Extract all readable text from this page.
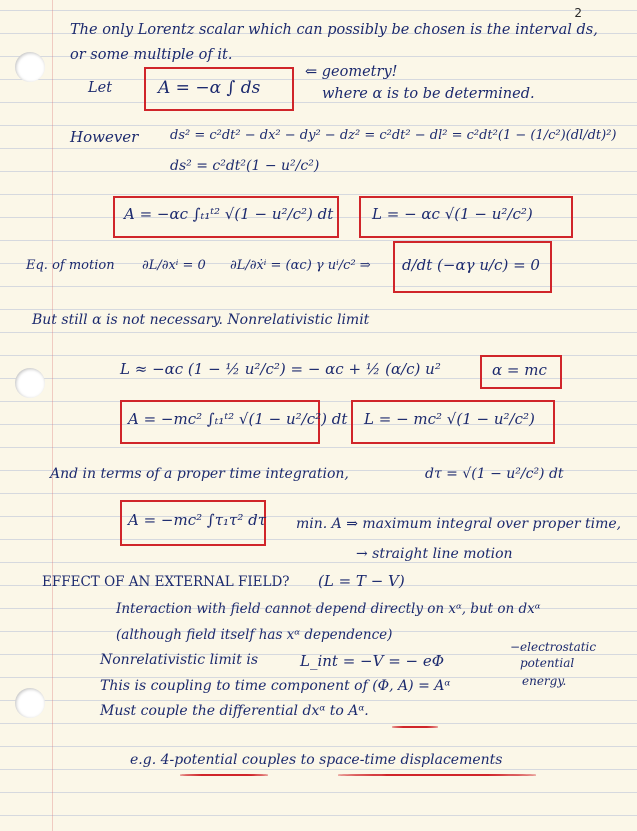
2
The only Lorentz scalar which can possibly be chosen is the interval ds,
or some multiple of it.
Let	A = −α ∫ ds
⇐ geometry!
where α is to be determined.
However ds² = c²dt² − dx² − dy² − dz² = c²dt² − dl² = c²dt²(1 − (1/c²)(dl/dt)²)
ds² = c²dt²(1 − u²/c²)
A = −αc ∫ₜ₁ᵗ² √(1 − u²/c²) dt	L = − αc √(1 − u²/c²)
Eq. of motion ∂L/∂xⁱ = 0 ∂L/∂ẋⁱ = (αc) γ uⁱ/c² ⇒ d/dt (−αγ u/c) = 0
But still α is not necessary. Nonrelativistic limit
L ≈ −αc (1 − ½ u²/c²) = − αc + ½ (α/c) u²	α = mc
A = −mc² ∫ₜ₁ᵗ² √(1 − u²/c²) dt L = − mc² √(1 − u²/c²)
And in terms of a proper time integration,	dτ = √(1 − u²/c²) dt
A = −mc² ∫τ₁τ² dτ min. A ⇒ maximum integral over proper time,
→ straight line motion
EFFECT OF AN EXTERNAL FIELD? (L = T − V)
Interaction with field cannot depend directly on xᵅ, but on dxᵅ
(although field itself has xᵅ dependence)
Nonrelativistic limit is	L_int = −V = − eΦ
−electrostatic
potential
energy.
This is coupling to time component of (Φ, A) = Aᵅ
Must couple the differential dxᵅ to Aᵅ.
e.g. 4-potential couples to space-time displacements
